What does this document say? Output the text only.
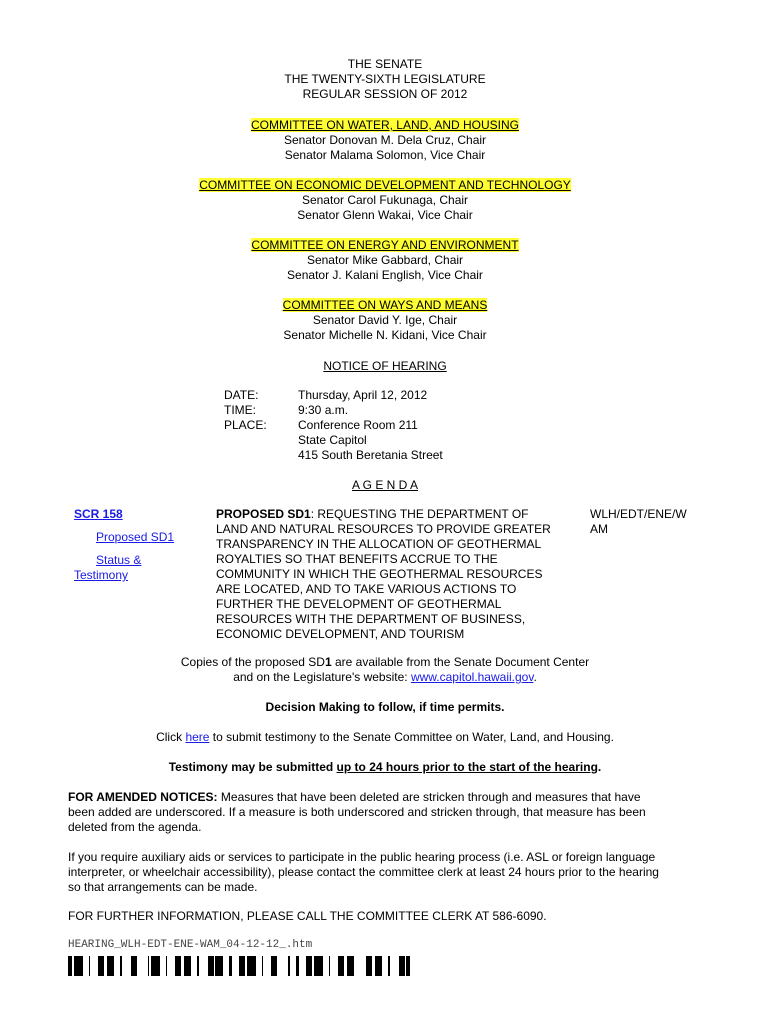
THE SENATE
THE TWENTY-SIXTH LEGISLATURE
REGULAR SESSION OF 2012
COMMITTEE ON WATER, LAND, AND HOUSING
Senator Donovan M. Dela Cruz, Chair
Senator Malama Solomon, Vice Chair
COMMITTEE ON ECONOMIC DEVELOPMENT AND TECHNOLOGY
Senator Carol Fukunaga, Chair
Senator Glenn Wakai, Vice Chair
COMMITTEE ON ENERGY AND ENVIRONMENT
Senator Mike Gabbard, Chair
Senator J. Kalani English, Vice Chair
COMMITTEE ON WAYS AND MEANS
Senator David Y. Ige, Chair
Senator Michelle N. Kidani, Vice Chair
NOTICE OF HEARING
DATE:
TIME:
PLACE:
Thursday, April 12, 2012
9:30 a.m.
Conference Room 211
State Capitol
415 South Beretania Street
A G E N D A
SCR 158
Proposed SD1
Status &
Testimony
PROPOSED SD1: REQUESTING THE DEPARTMENT OF
LAND AND NATURAL RESOURCES TO PROVIDE GREATER
TRANSPARENCY IN THE ALLOCATION OF GEOTHERMAL
ROYALTIES SO THAT BENEFITS ACCRUE TO THE
COMMUNITY IN WHICH THE GEOTHERMAL RESOURCES
ARE LOCATED, AND TO TAKE VARIOUS ACTIONS TO
FURTHER THE DEVELOPMENT OF GEOTHERMAL
RESOURCES WITH THE DEPARTMENT OF BUSINESS,
ECONOMIC DEVELOPMENT, AND TOURISM
WLH/EDT/ENE/W
AM
Copies of the proposed SD1 are available from the Senate Document Center
and on the Legislature's website: www.capitol.hawaii.gov.
Decision Making to follow, if time permits.
Click here to submit testimony to the Senate Committee on Water, Land, and Housing.
Testimony may be submitted up to 24 hours prior to the start of the hearing.
FOR AMENDED NOTICES: Measures that have been deleted are stricken through and measures that have
been added are underscored. If a measure is both underscored and stricken through, that measure has been
deleted from the agenda.
If you require auxiliary aids or services to participate in the public hearing process (i.e. ASL or foreign language
interpreter, or wheelchair accessibility), please contact the committee clerk at least 24 hours prior to the hearing
so that arrangements can be made.
FOR FURTHER INFORMATION, PLEASE CALL THE COMMITTEE CLERK AT 586-6090.
HEARING_WLH-EDT-ENE-WAM_04-12-12_.htm
